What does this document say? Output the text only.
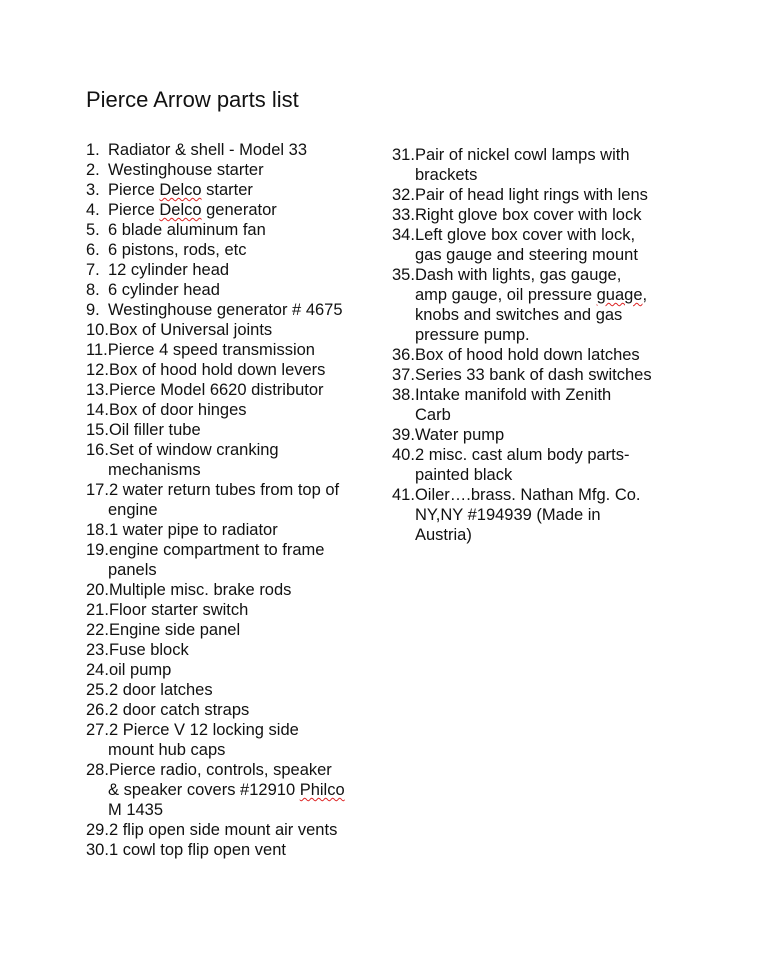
Pierce Arrow parts list
1. Radiator & shell - Model 33
2. Westinghouse starter
3. Pierce Delco starter
4. Pierce Delco generator
5. 6 blade aluminum fan
6. 6 pistons, rods, etc
7. 12 cylinder head
8. 6 cylinder head
9. Westinghouse generator # 4675
10. Box of Universal joints
11. Pierce 4 speed transmission
12. Box of hood hold down levers
13. Pierce Model 6620 distributor
14. Box of door hinges
15. Oil filler tube
16. Set of window cranking
mechanisms
17. 2 water return tubes from top of
engine
18. 1 water pipe to radiator
19. engine compartment to frame
panels
20. Multiple misc. brake rods
21. Floor starter switch
22. Engine side panel
23. Fuse block
24. oil pump
25. 2 door latches
26. 2 door catch straps
27. 2 Pierce V 12 locking side
mount hub caps
28. Pierce radio, controls, speaker
& speaker covers #12910 Philco
M 1435
29. 2 flip open side mount air vents
30. 1 cowl top flip open vent
31. Pair of nickel cowl lamps with
brackets
32. Pair of head light rings with lens
33. Right glove box cover with lock
34. Left glove box cover with lock,
gas gauge and steering mount
35. Dash with lights, gas gauge,
amp gauge, oil pressure guage,
knobs and switches and gas
pressure pump.
36. Box of hood hold down latches
37. Series 33 bank of dash switches
38. Intake manifold with Zenith
Carb
39. Water pump
40. 2 misc. cast alum body parts-
painted black
41. Oiler….brass. Nathan Mfg. Co.
NY,NY #194939 (Made in
Austria)
